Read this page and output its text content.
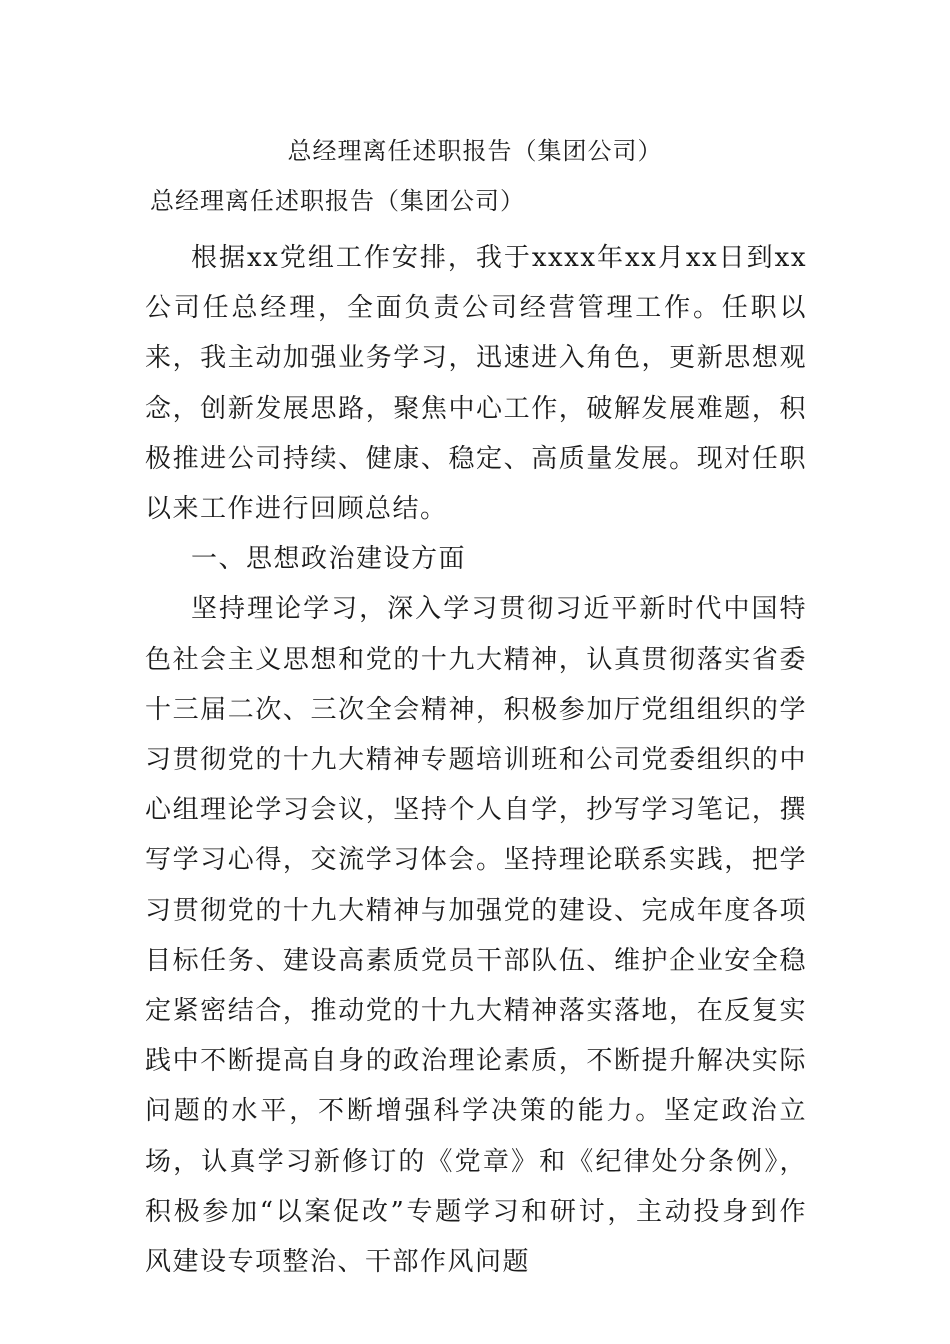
总经理离任述职报告（集团公司）
总经理离任述职报告（集团公司）

根据xx党组工作安排，我于xxxx年xx月xx日到xx公司任总经理，全面负责公司经营管理工作。任职以来，我主动加强业务学习，迅速进入角色，更新思想观念，创新发展思路，聚焦中心工作，破解发展难题，积极推进公司持续、健康、稳定、高质量发展。现对任职以来工作进行回顾总结。

一、思想政治建设方面

坚持理论学习，深入学习贯彻习近平新时代中国特色社会主义思想和党的十九大精神，认真贯彻落实省委十三届二次、三次全会精神，积极参加厅党组组织的学习贯彻党的十九大精神专题培训班和公司党委组织的中心组理论学习会议，坚持个人自学，抄写学习笔记，撰写学习心得，交流学习体会。坚持理论联系实践，把学习贯彻党的十九大精神与加强党的建设、完成年度各项目标任务、建设高素质党员干部队伍、维护企业安全稳定紧密结合，推动党的十九大精神落实落地，在反复实践中不断提高自身的政治理论素质，不断提升解决实际问题的水平，不断增强科学决策的能力。坚定政治立场，认真学习新修订的《党章》和《纪律处分条例》，积极参加“以案促改”专题学习和研讨，主动投身到作风建设专项整治、干部作风问题
